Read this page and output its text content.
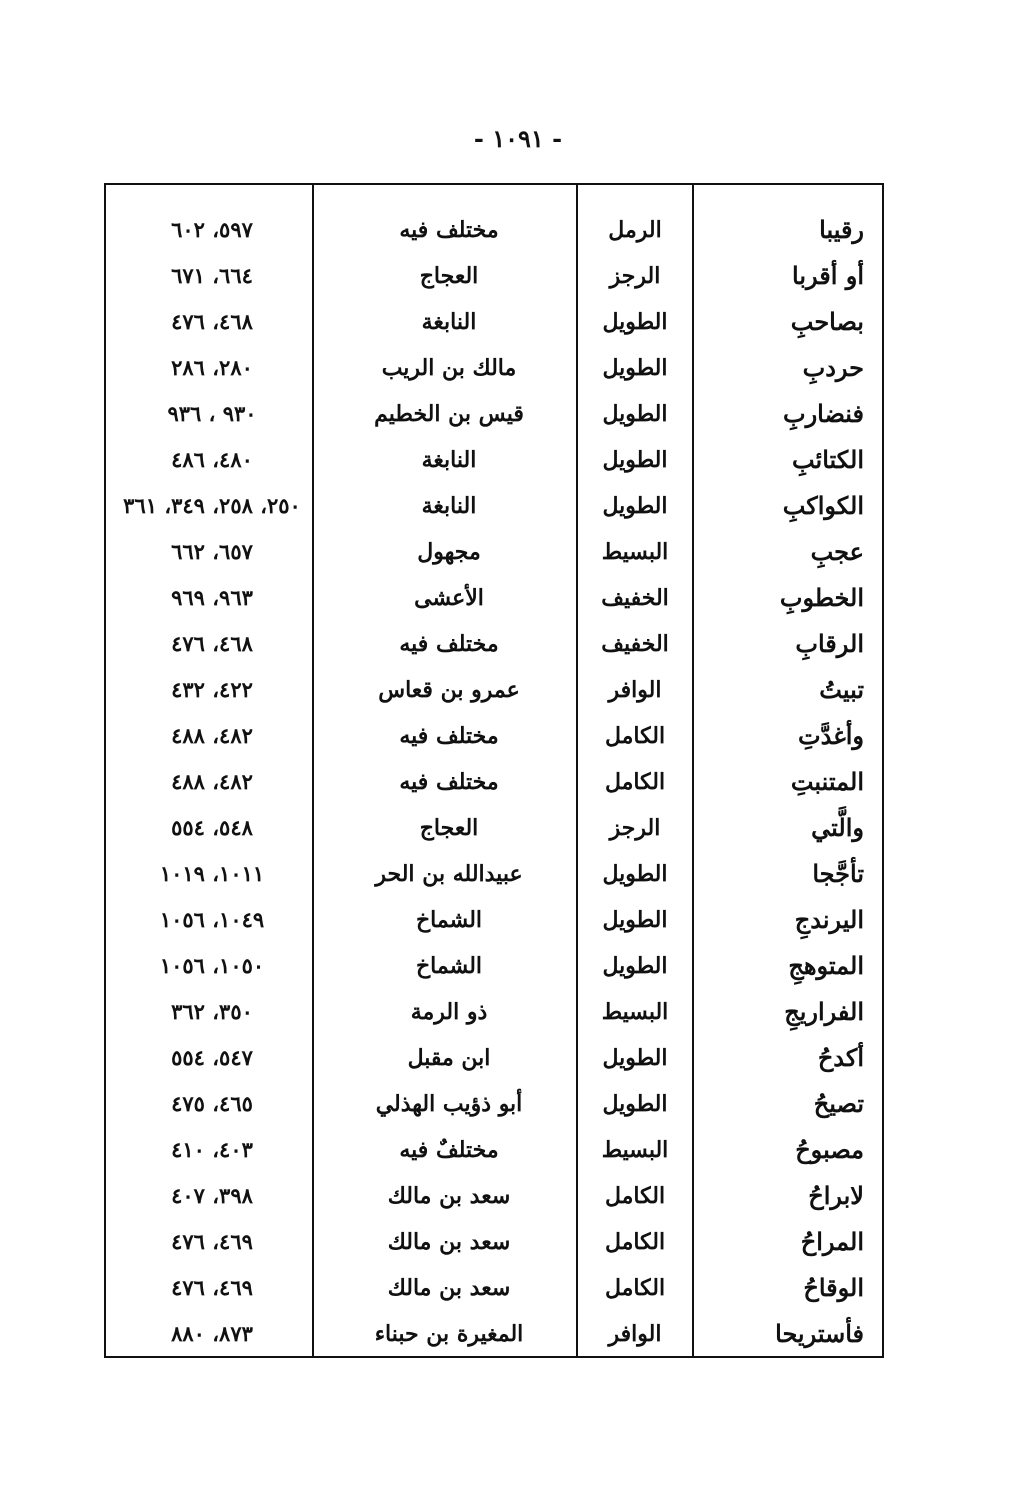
- ١٠٩١ -
رقيبا
الرمل
مختلف فيه
٥٩٧، ٦٠٢
أو أقربا
الرجز
العجاج
٦٦٤، ٦٧١
بصاحبِ
الطويل
النابغة
٤٦٨، ٤٧٦
حردبِ
الطويل
مالك بن الريب
٢٨٠، ٢٨٦
فنضاربِ
الطويل
قيس بن الخطيم
٩٣٠ ، ٩٣٦
الكتائبِ
الطويل
النابغة
٤٨٠، ٤٨٦
الكواكبِ
الطويل
النابغة
٢٥٠، ٢٥٨، ٣٤٩، ٣٦١
عجبِ
البسيط
مجهول
٦٥٧، ٦٦٢
الخطوبِ
الخفيف
الأعشى
٩٦٣، ٩٦٩
الرقابِ
الخفيف
مختلف فيه
٤٦٨، ٤٧٦
تبيتُ
الوافر
عمرو بن قعاس
٤٢٢، ٤٣٢
وأغدَّتِ
الكامل
مختلف فيه
٤٨٢، ٤٨٨
المتنبتِ
الكامل
مختلف فيه
٤٨٢، ٤٨٨
والَّتي
الرجز
العجاج
٥٤٨، ٥٥٤
تأجَّجا
الطويل
عبيدالله بن الحر
١٠١١، ١٠١٩
اليرندجِ
الطويل
الشماخ
١٠٤٩، ١٠٥٦
المتوهجِ
الطويل
الشماخ
١٠٥٠، ١٠٥٦
الفراريجِ
البسيط
ذو الرمة
٣٥٠، ٣٦٢
أكدحُ
الطويل
ابن مقبل
٥٤٧، ٥٥٤
تصيحُ
الطويل
أبو ذؤيب الهذلي
٤٦٥، ٤٧٥
مصبوحُ
البسيط
مختلفٌ فيه
٤٠٣، ٤١٠
لابراحُ
الكامل
سعد بن مالك
٣٩٨، ٤٠٧
المراحُ
الكامل
سعد بن مالك
٤٦٩، ٤٧٦
الوقاحُ
الكامل
سعد بن مالك
٤٦٩، ٤٧٦
فأستريحا
الوافر
المغيرة بن حبناء
٨٧٣، ٨٨٠
